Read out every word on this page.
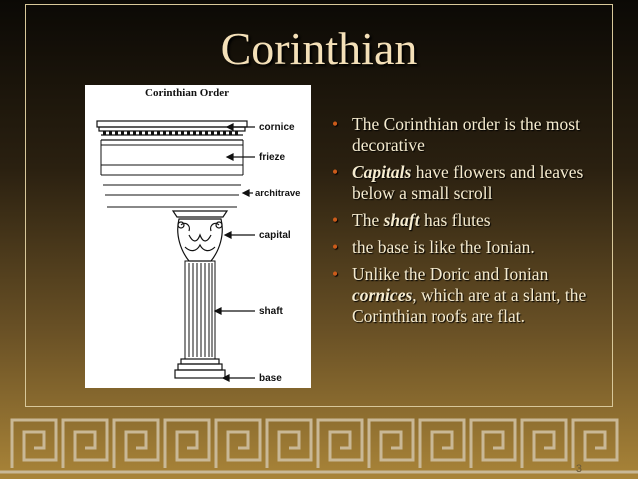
Corinthian
Corinthian Order
cornice
frieze
architrave
capital
shaft
base
• The Corinthian order is the most decorative
• Capitals have flowers and leaves below a small scroll
• The shaft has flutes
• the base is like the Ionian.
• Unlike the Doric and Ionian cornices, which are at a slant, the Corinthian roofs are flat.
3
